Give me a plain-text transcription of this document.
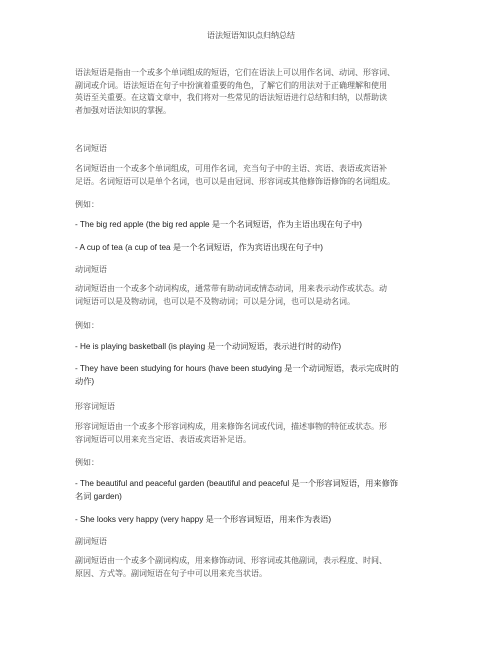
语法短语知识点归纳总结
语法短语是指由一个或多个单词组成的短语，它们在语法上可以用作名词、动词、形容词、
副词或介词。语法短语在句子中扮演着重要的角色，了解它们的用法对于正确理解和使用
英语至关重要。在这篇文章中，我们将对一些常见的语法短语进行总结和归纳，以帮助读
者加强对语法知识的掌握。
名词短语
名词短语由一个或多个单词组成，可用作名词，充当句子中的主语、宾语、表语或宾语补
足语。名词短语可以是单个名词，也可以是由冠词、形容词或其他修饰语修饰的名词组成。
例如：
- The big red apple (the big red apple 是一个名词短语，作为主语出现在句子中)
- A cup of tea (a cup of tea 是一个名词短语，作为宾语出现在句子中)
动词短语
动词短语由一个或多个动词构成，通常带有助动词或情态动词，用来表示动作或状态。动
词短语可以是及物动词，也可以是不及物动词；可以是分词，也可以是动名词。
例如：
- He is playing basketball (is playing 是一个动词短语，表示进行时的动作)
- They have been studying for hours (have been studying 是一个动词短语，表示完成时的
动作)
形容词短语
形容词短语由一个或多个形容词构成，用来修饰名词或代词，描述事物的特征或状态。形
容词短语可以用来充当定语、表语或宾语补足语。
例如：
- The beautiful and peaceful garden (beautiful and peaceful 是一个形容词短语，用来修饰
名词 garden)
- She looks very happy (very happy 是一个形容词短语，用来作为表语)
副词短语
副词短语由一个或多个副词构成，用来修饰动词、形容词或其他副词，表示程度、时间、
原因、方式等。副词短语在句子中可以用来充当状语。
